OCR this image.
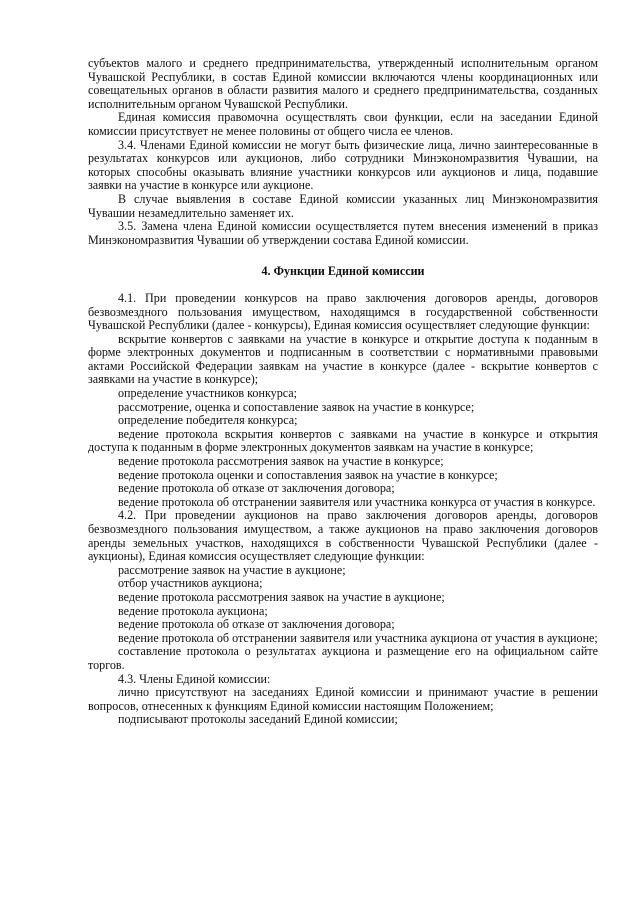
субъектов малого и среднего предпринимательства, утвержденный исполнительным органом Чувашской Республики, в состав Единой комиссии включаются члены координационных или совещательных органов в области развития малого и среднего предпринимательства, созданных исполнительным органом Чувашской Республики.

Единая комиссия правомочна осуществлять свои функции, если на заседании Единой комиссии присутствует не менее половины от общего числа ее членов.

3.4. Членами Единой комиссии не могут быть физические лица, лично заинтересованные в результатах конкурсов или аукционов, либо сотрудники Минэкономразвития Чувашии, на которых способны оказывать влияние участники конкурсов или аукционов и лица, подавшие заявки на участие в конкурсе или аукционе.

В случае выявления в составе Единой комиссии указанных лиц Минэкономразвития Чувашии незамедлительно заменяет их.

3.5. Замена члена Единой комиссии осуществляется путем внесения изменений в приказ Минэкономразвития Чувашии об утверждении состава Единой комиссии.

4. Функции Единой комиссии

4.1. При проведении конкурсов на право заключения договоров аренды, договоров безвозмездного пользования имуществом, находящимся в государственной собственности Чувашской Республики (далее - конкурсы), Единая комиссия осуществляет следующие функции:

вскрытие конвертов с заявками на участие в конкурсе и открытие доступа к поданным в форме электронных документов и подписанным в соответствии с нормативными правовыми актами Российской Федерации заявкам на участие в конкурсе (далее - вскрытие конвертов с заявками на участие в конкурсе);

определение участников конкурса;

рассмотрение, оценка и сопоставление заявок на участие в конкурсе;

определение победителя конкурса;

ведение протокола вскрытия конвертов с заявками на участие в конкурсе и открытия доступа к поданным в форме электронных документов заявкам на участие в конкурсе;

ведение протокола рассмотрения заявок на участие в конкурсе;

ведение протокола оценки и сопоставления заявок на участие в конкурсе;

ведение протокола об отказе от заключения договора;

ведение протокола об отстранении заявителя или участника конкурса от участия в конкурсе.

4.2. При проведении аукционов на право заключения договоров аренды, договоров безвозмездного пользования имуществом, а также аукционов на право заключения договоров аренды земельных участков, находящихся в собственности Чувашской Республики (далее - аукционы), Единая комиссия осуществляет следующие функции:

рассмотрение заявок на участие в аукционе;

отбор участников аукциона;

ведение протокола рассмотрения заявок на участие в аукционе;

ведение протокола аукциона;

ведение протокола об отказе от заключения договора;

ведение протокола об отстранении заявителя или участника аукциона от участия в аукционе;

составление протокола о результатах аукциона и размещение его на официальном сайте торгов.

4.3. Члены Единой комиссии:

лично присутствуют на заседаниях Единой комиссии и принимают участие в решении вопросов, отнесенных к функциям Единой комиссии настоящим Положением;

подписывают протоколы заседаний Единой комиссии;
